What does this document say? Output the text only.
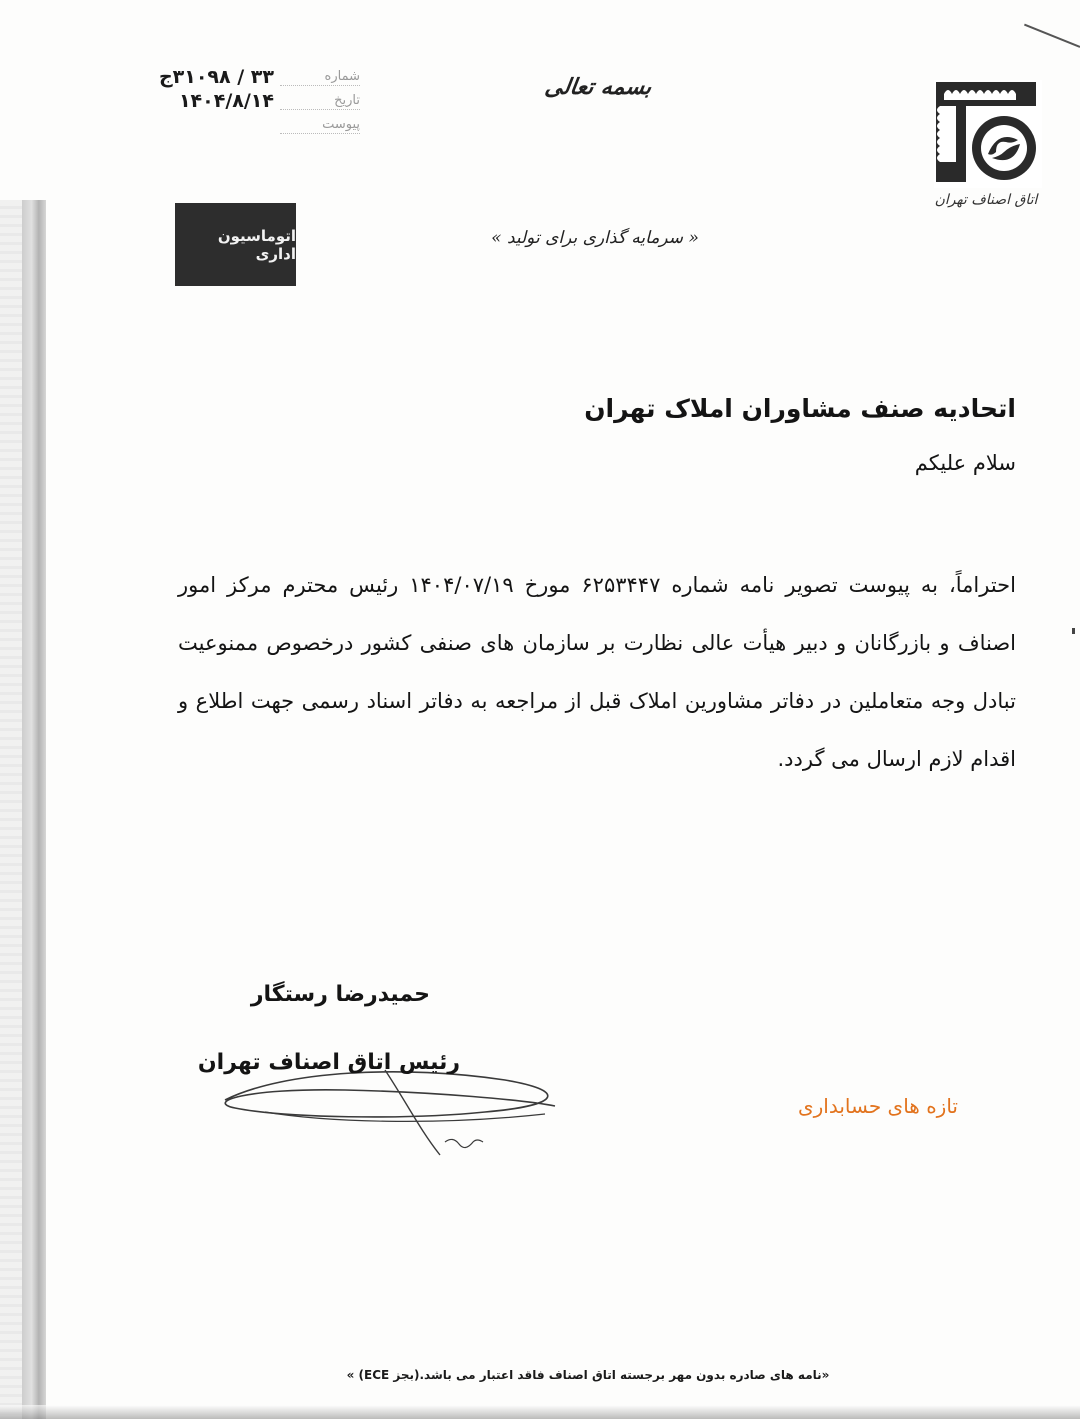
شماره
۳۳ / ۳۱۰۹۸ج
تاریخ
۱۴۰۴/۸/۱۴
پیوست
بسمه تعالی
اتاق اصناف تهران
« سرمایه گذاری برای تولید »
اتوماسیون اداری
اتحادیه صنف مشاوران املاک تهران
سلام علیکم
احتراماً، به پیوست تصویر نامه شماره ۶۲۵۳۴۴۷ مورخ ۱۴۰۴/۰۷/۱۹ رئیس محترم مرکز امور اصناف و بازرگانان و دبیر هیأت عالی نظارت بر سازمان های صنفی کشور درخصوص ممنوعیت تبادل وجه متعاملین در دفاتر مشاورین املاک قبل از مراجعه به دفاتر اسناد رسمی جهت اطلاع و اقدام لازم ارسال می گردد.
حمیدرضا رستگار
رئیس اتاق اصناف تهران
تازه های حسابداری
«نامه های صادره بدون مهر برجسته اتاق اصناف فاقد اعتبار می باشد.(بجز ECE) »
